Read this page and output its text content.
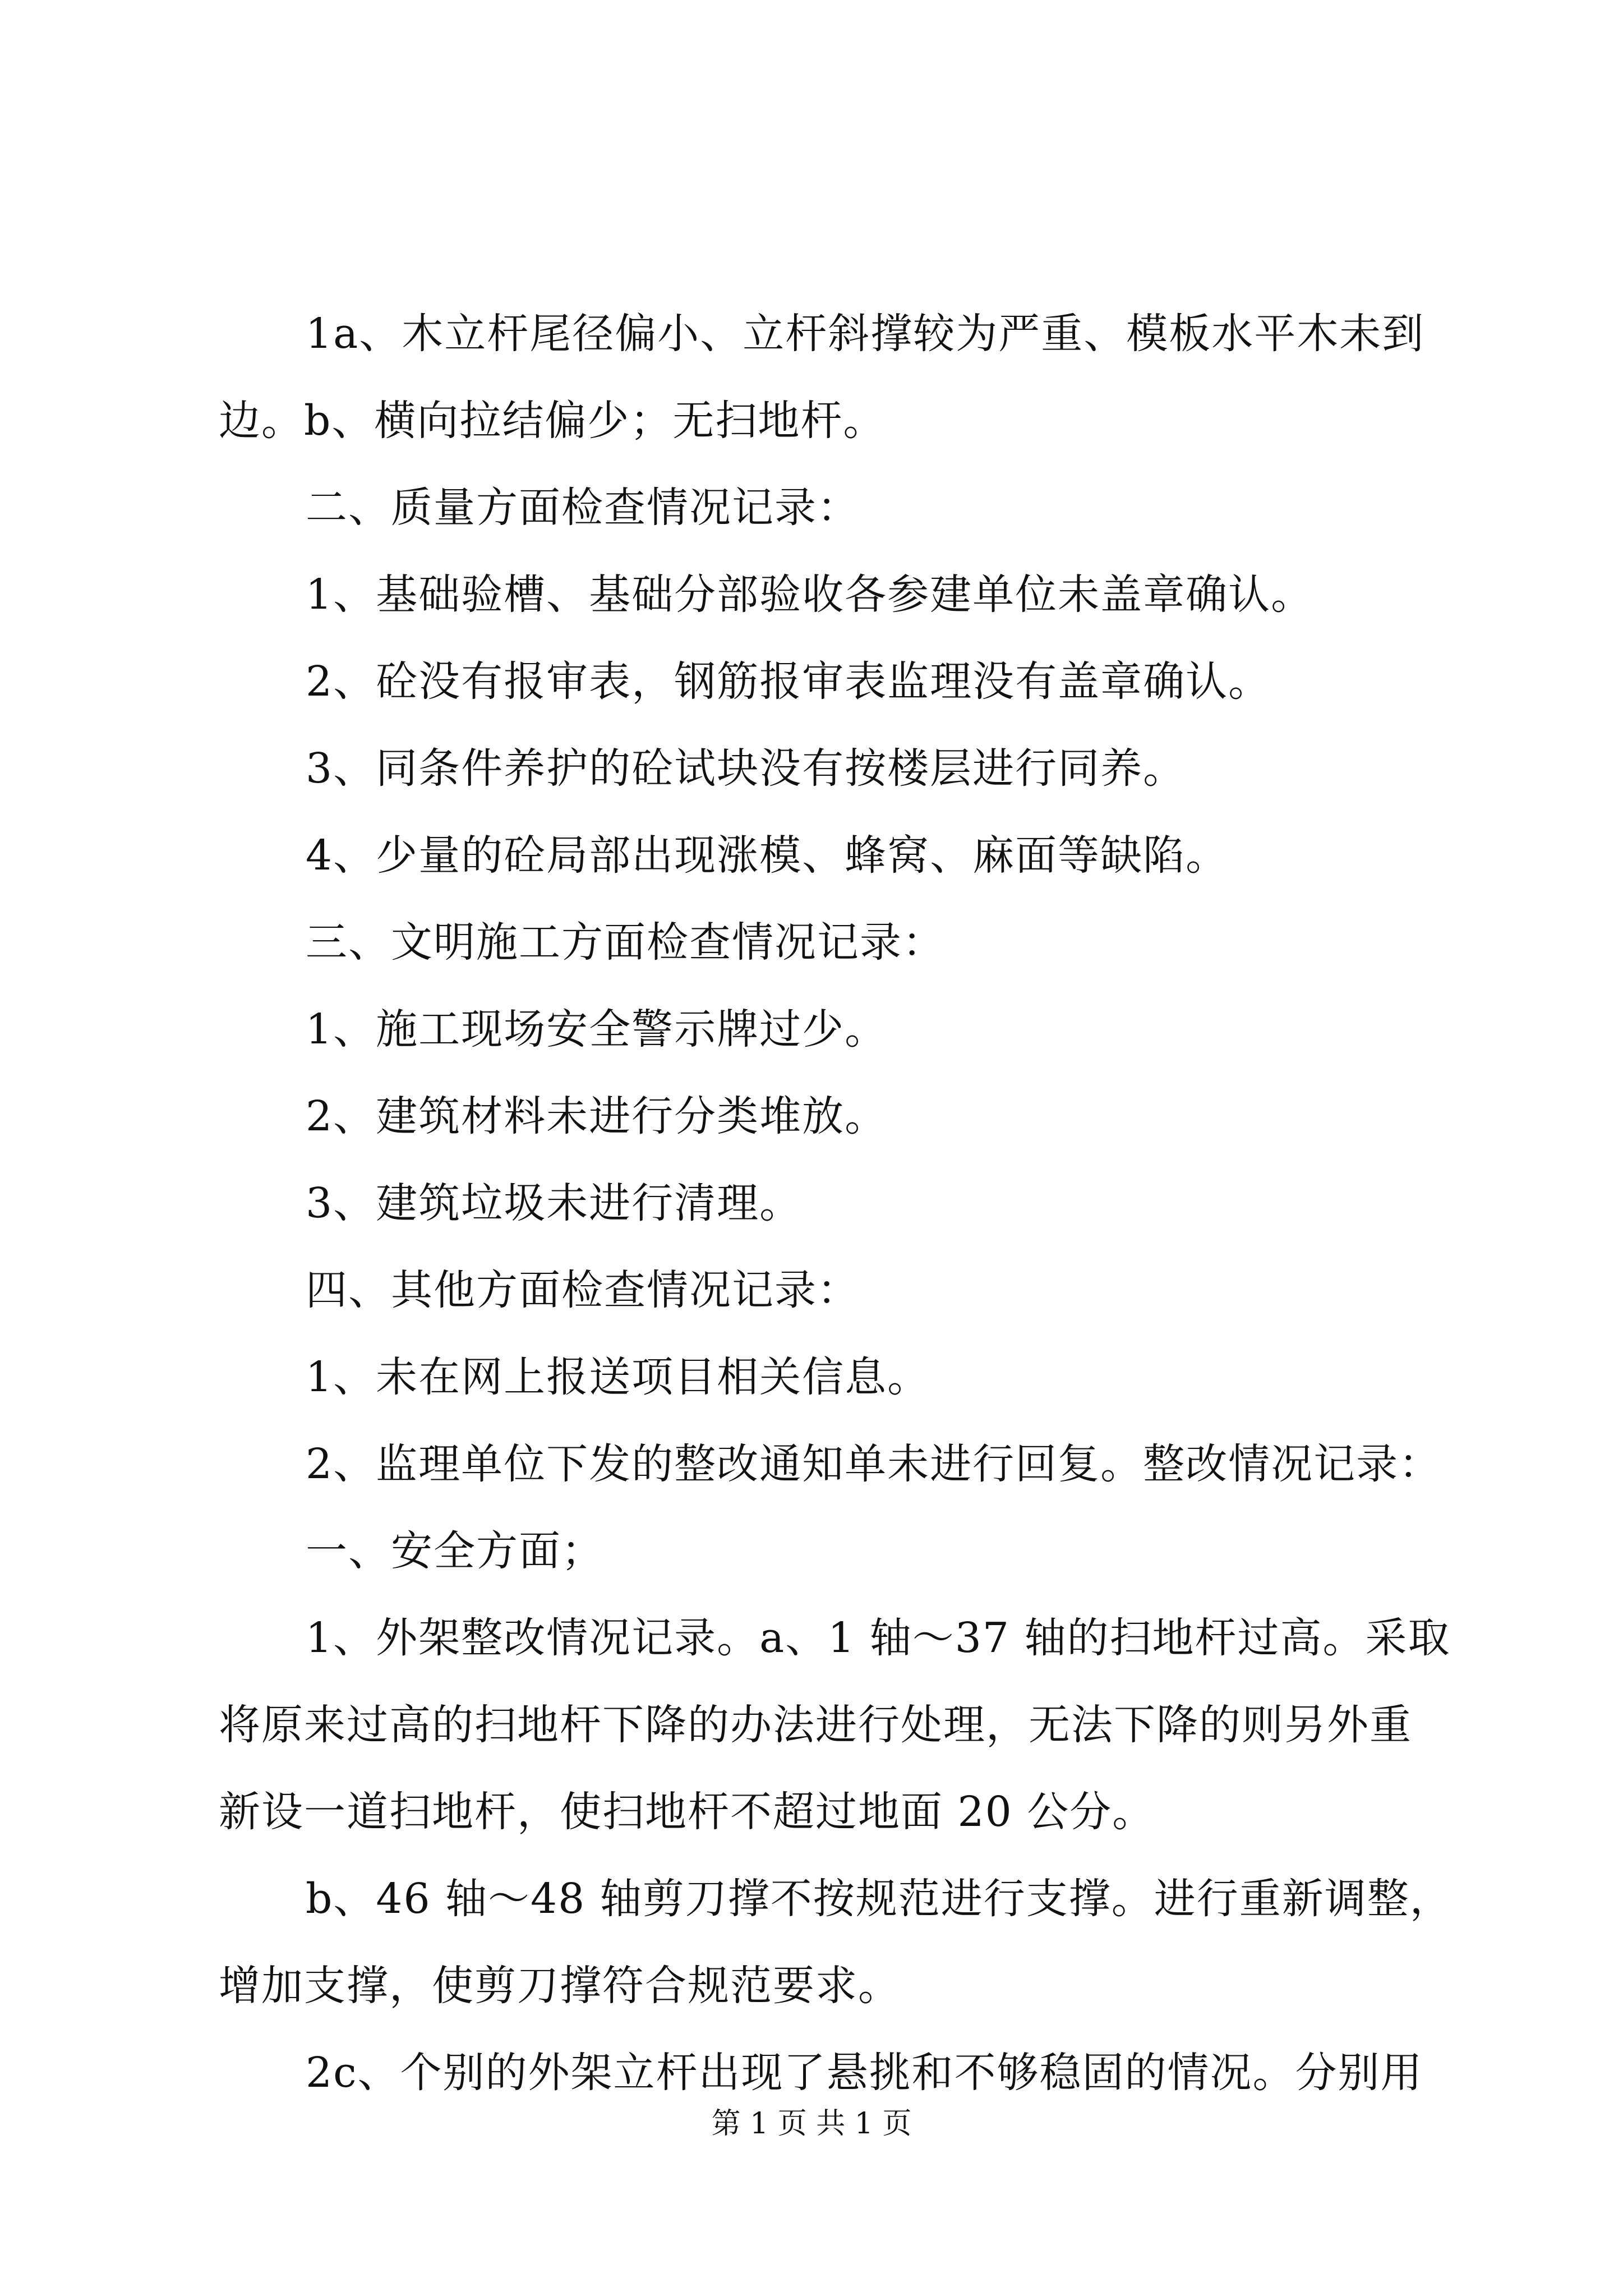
1a、木立杆尾径偏小、立杆斜撑较为严重、模板水平木未到
边。b、横向拉结偏少；无扫地杆。
二、质量方面检查情况记录：
1、基础验槽、基础分部验收各参建单位未盖章确认。
2、砼没有报审表，钢筋报审表监理没有盖章确认。
3、同条件养护的砼试块没有按楼层进行同养。
4、少量的砼局部出现涨模、蜂窝、麻面等缺陷。
三、文明施工方面检查情况记录：
1、施工现场安全警示牌过少。
2、建筑材料未进行分类堆放。
3、建筑垃圾未进行清理。
四、其他方面检查情况记录：
1、未在网上报送项目相关信息。
2、监理单位下发的整改通知单未进行回复。整改情况记录：
一、安全方面；
1、外架整改情况记录。a、1 轴～37 轴的扫地杆过高。采取
将原来过高的扫地杆下降的办法进行处理，无法下降的则另外重
新设一道扫地杆，使扫地杆不超过地面 20 公分。
b、46 轴～48 轴剪刀撑不按规范进行支撑。进行重新调整，
增加支撑，使剪刀撑符合规范要求。
2c、个别的外架立杆出现了悬挑和不够稳固的情况。分别用
第 1 页 共 1 页
